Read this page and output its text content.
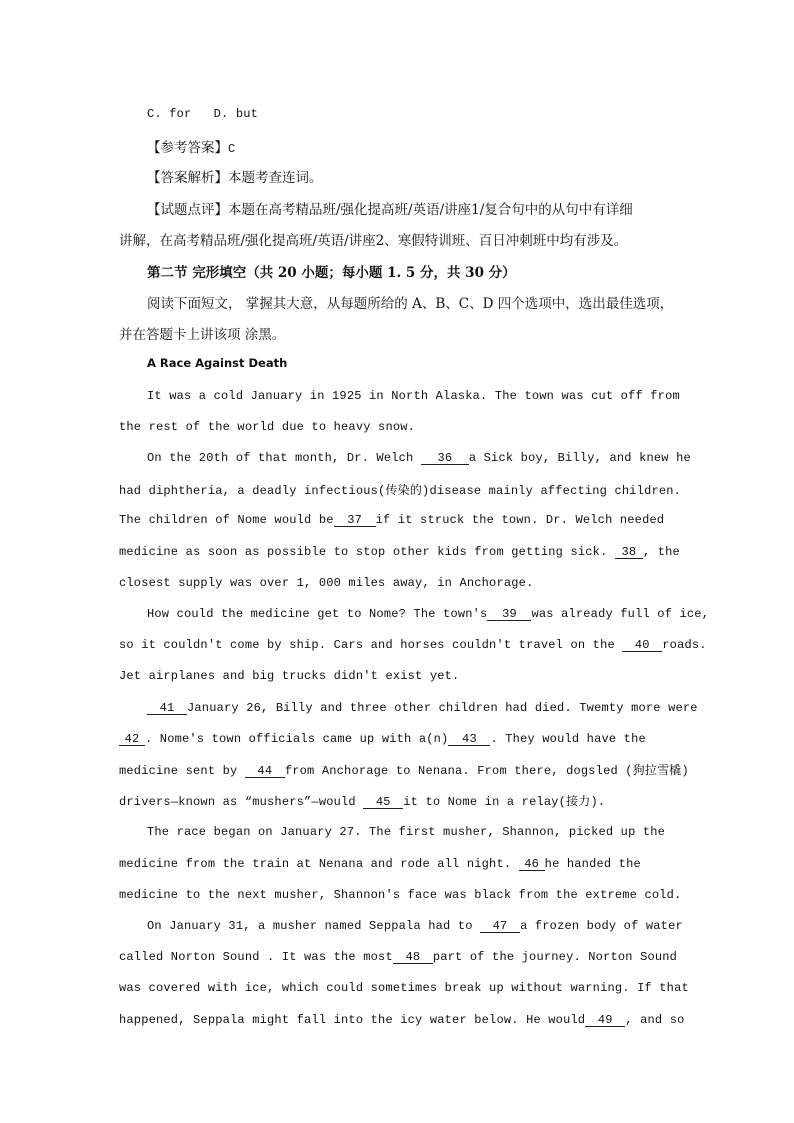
C. for D. but
【参考答案】C
【答案解析】本题考查连词。
【试题点评】本题在高考精品班/强化提高班/英语/讲座1/复合句中的从句中有详细
讲解，在高考精品班/强化提高班/英语/讲座2、寒假特训班、百日冲刺班中均有涉及。
第二节 完形填空（共 20 小题；每小题 1. 5 分，共 30 分）
阅读下面短文， 掌握其大意，从每题所给的 A、B、C、D 四个选项中，选出最佳选项，
并在答题卡上讲该项 涂黑。
A Race Against Death
It was a cold January in 1925 in North Alaska. The town was cut off from
the rest of the world due to heavy snow.
On the 20th of that month, Dr. Welch 36 a Sick boy, Billy, and knew he
had diphtheria, a deadly infectious(传染的)disease mainly affecting children.
The children of Nome would be 37 if it struck the town. Dr. Welch needed
medicine as soon as possible to stop other kids from getting sick. 38 , the
closest supply was over 1, 000 miles away, in Anchorage.
How could the medicine get to Nome? The town's 39 was already full of ice,
so it couldn't come by ship. Cars and horses couldn't travel on the 40 roads.
Jet airplanes and big trucks didn't exist yet.
41 January 26, Billy and three other children had died. Twemty more were
42 . Nome's town officials came up with a(n) 43 . They would have the
medicine sent by 44 from Anchorage to Nenana. From there, dogsled (狗拉雪橇)
drivers—known as “mushers”—would 45 it to Nome in a relay(接力).
The race began on January 27. The first musher, Shannon, picked up the
medicine from the train at Nenana and rode all night. 46 he handed the
medicine to the next musher, Shannon's face was black from the extreme cold.
On January 31, a musher named Seppala had to 47 a frozen body of water
called Norton Sound . It was the most 48 part of the journey. Norton Sound
was covered with ice, which could sometimes break up without warning. If that
happened, Seppala might fall into the icy water below. He would 49 , and so
